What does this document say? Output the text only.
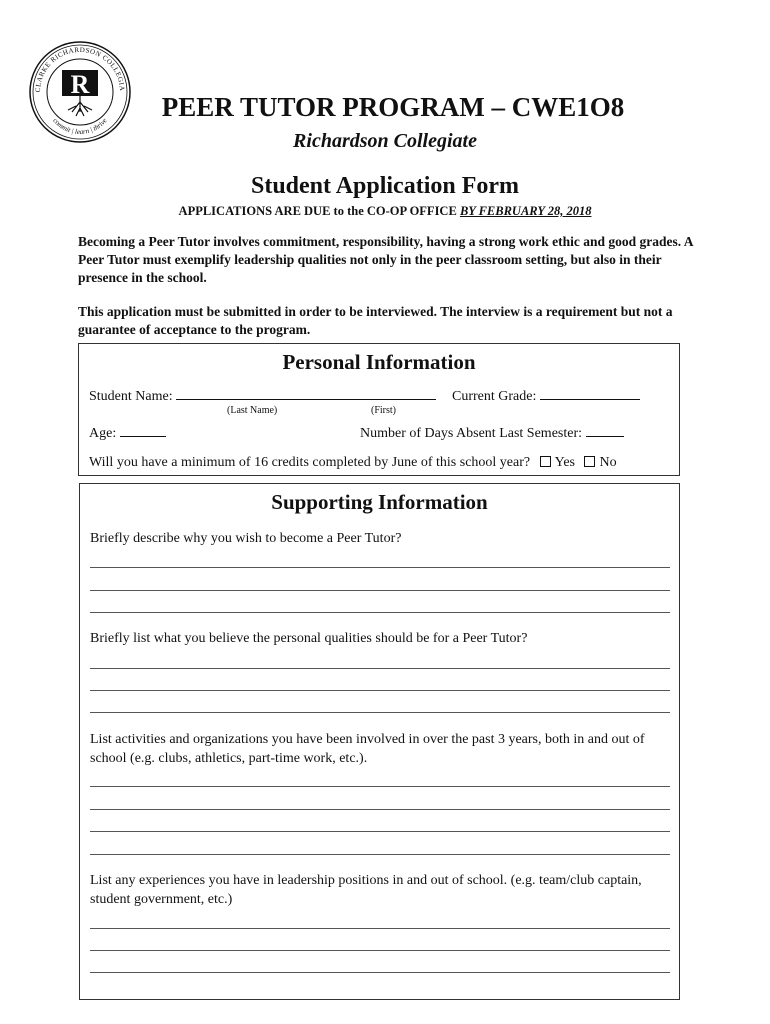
CLARKE RICHARDSON COLLEGIA
commit | learn | thrive
R
PEER TUTOR PROGRAM – CWE1O8
Richardson Collegiate
Student Application Form
APPLICATIONS ARE DUE to the CO-OP OFFICE BY FEBRUARY 28, 2018
Becoming a Peer Tutor involves commitment, responsibility, having a strong work ethic and good grades. A Peer Tutor must exemplify leadership qualities not only in the peer classroom setting, but also in their presence in the school.
This application must be submitted in order to be interviewed. The interview is a requirement but not a guarantee of acceptance to the program.
Personal Information
Student Name:
(Last Name)	(First)
Current Grade:
Age:	Number of Days Absent Last Semester:
Will you have a minimum of 16 credits completed by June of this school year? Yes No
Supporting Information
Briefly describe why you wish to become a Peer Tutor?
Briefly list what you believe the personal qualities should be for a Peer Tutor?
List activities and organizations you have been involved in over the past 3 years, both in and out of school (e.g. clubs, athletics, part-time work, etc.).
List any experiences you have in leadership positions in and out of school. (e.g. team/club captain, student government, etc.)
